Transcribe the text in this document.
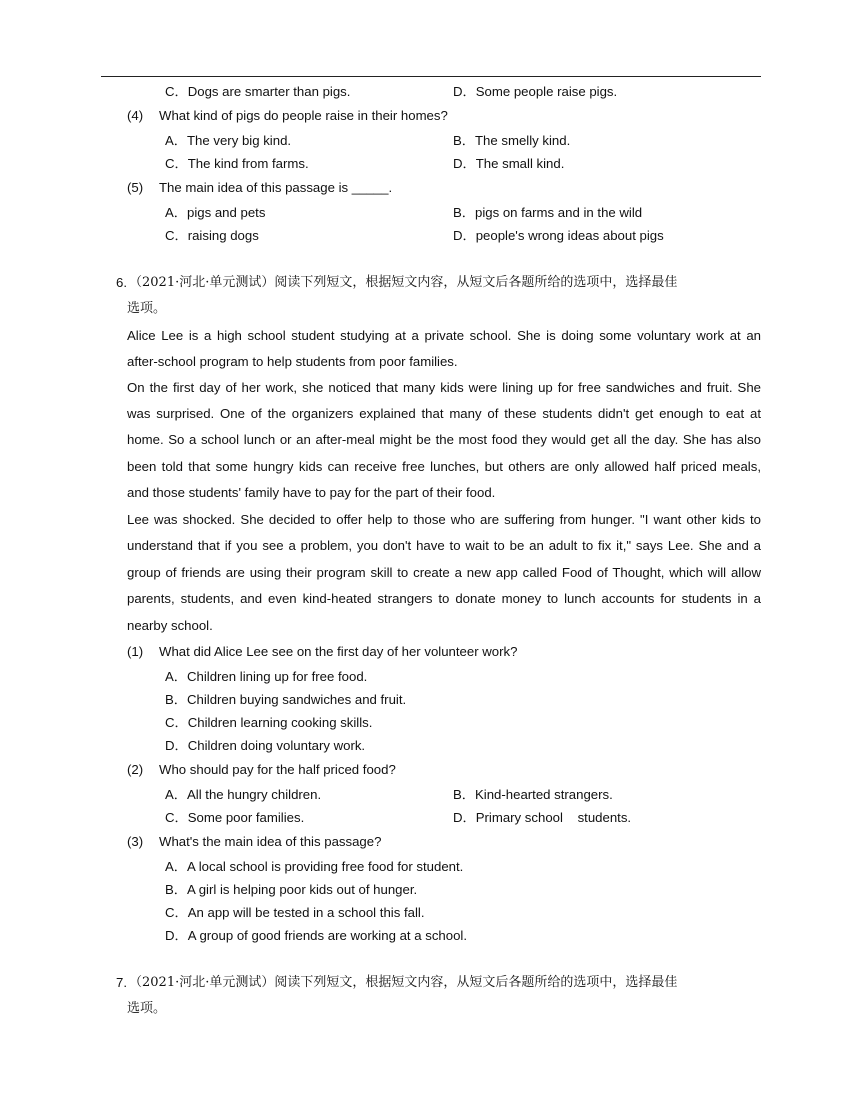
C．Dogs are smarter than pigs.	D．Some people raise pigs.
(4) What kind of pigs do people raise in their homes?
A．The very big kind.	B．The smelly kind.
C．The kind from farms.	D．The small kind.
(5) The main idea of this passage is _____.
A．pigs and pets	B．pigs on farms and in the wild
C．raising dogs	D．people's wrong ideas about pigs
6. （2021·河北·单元测试）阅读下列短文，根据短文内容，从短文后各题所给的选项中，选择最佳
选项。
Alice Lee is a high school student studying at a private school. She is doing some voluntary work at an
after-school program to help students from poor families.
On the first day of her work, she noticed that many kids were lining up for free sandwiches and fruit. She
was surprised. One of the organizers explained that many of these students didn't get enough to eat at
home. So a school lunch or an after-meal might be the most food they would get all the day. She has also
been told that some hungry kids can receive free lunches, but others are only allowed half priced meals,
and those students' family have to pay for the part of their food.
Lee was shocked. She decided to offer help to those who are suffering from hunger. "I want other kids to
understand that if you see a problem, you don't have to wait to be an adult to fix it," says Lee. She and a
group of friends are using their program skill to create a new app called Food of Thought, which will allow
parents, students, and even kind-heated strangers to donate money to lunch accounts for students in a
nearby school.
(1) What did Alice Lee see on the first day of her volunteer work?
A．Children lining up for free food.
B．Children buying sandwiches and fruit.
C．Children learning cooking skills.
D．Children doing voluntary work.
(2) Who should pay for the half priced food?
A．All the hungry children.	B．Kind-hearted strangers.
C．Some poor families.	D．Primary school    students.
(3) What's the main idea of this passage?
A．A local school is providing free food for student.
B．A girl is helping poor kids out of hunger.
C．An app will be tested in a school this fall.
D．A group of good friends are working at a school.
7. （2021·河北·单元测试）阅读下列短文，根据短文内容，从短文后各题所给的选项中，选择最佳
选项。
